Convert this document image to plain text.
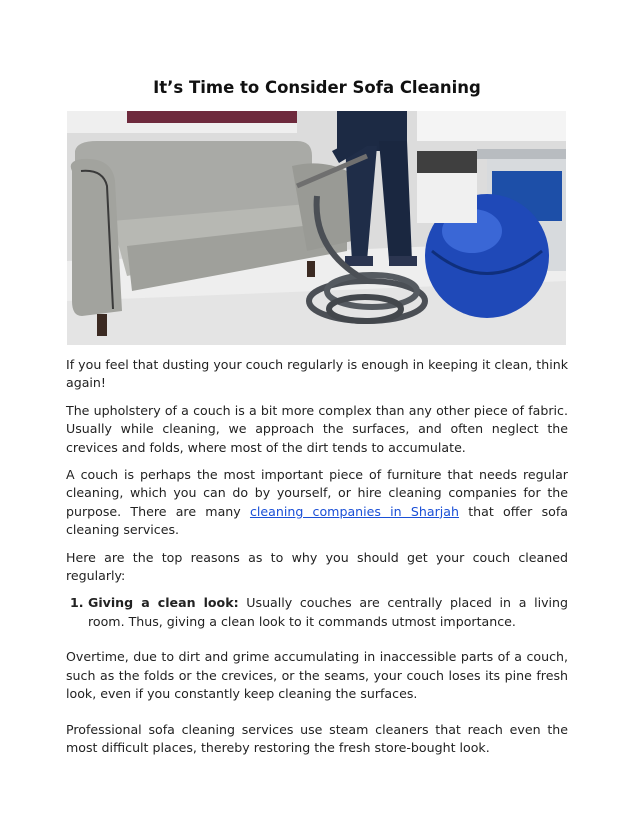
It’s Time to Consider Sofa Cleaning

If you feel that dusting your couch regularly is enough in keeping it clean, think again!

The upholstery of a couch is a bit more complex than any other piece of fabric. Usually while cleaning, we approach the surfaces, and often neglect the crevices and folds, where most of the dirt tends to accumulate.

A couch is perhaps the most important piece of furniture that needs regular cleaning, which you can do by yourself, or hire cleaning companies for the purpose. There are many cleaning companies in Sharjah that offer sofa cleaning services.

Here are the top reasons as to why you should get your couch cleaned regularly:

1. Giving a clean look: Usually couches are centrally placed in a living room. Thus, giving a clean look to it commands utmost importance.

Overtime, due to dirt and grime accumulating in inaccessible parts of a couch, such as the folds or the crevices, or the seams, your couch loses its pine fresh look, even if you constantly keep cleaning the surfaces.

Professional sofa cleaning services use steam cleaners that reach even the most difficult places, thereby restoring the fresh store-bought look.
